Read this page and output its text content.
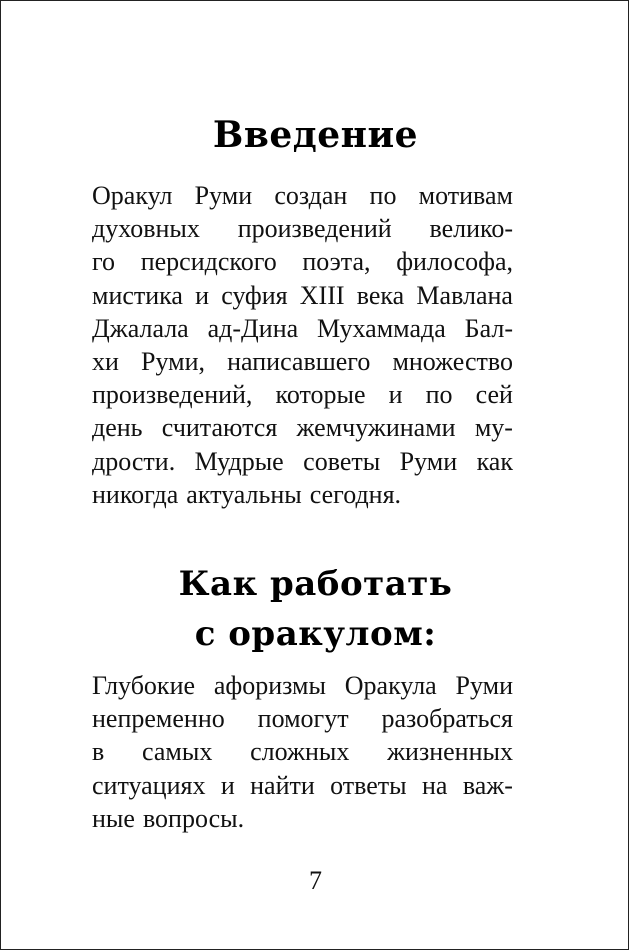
Введение
Оракул Руми создан по мотивам
духовных произведений велико-
го персидского поэта, философа,
мистика и суфия XIII века Мавлана
Джалала ад-Дина Мухаммада Бал-
хи Руми, написавшего множество
произведений, которые и по сей
день считаются жемчужинами му-
дрости. Мудрые советы Руми как
никогда актуальны сегодня.
Как работать
с оракулом:
Глубокие афоризмы Оракула Руми
непременно помогут разобраться
в самых сложных жизненных
ситуациях и найти ответы на важ-
ные вопросы.
7
